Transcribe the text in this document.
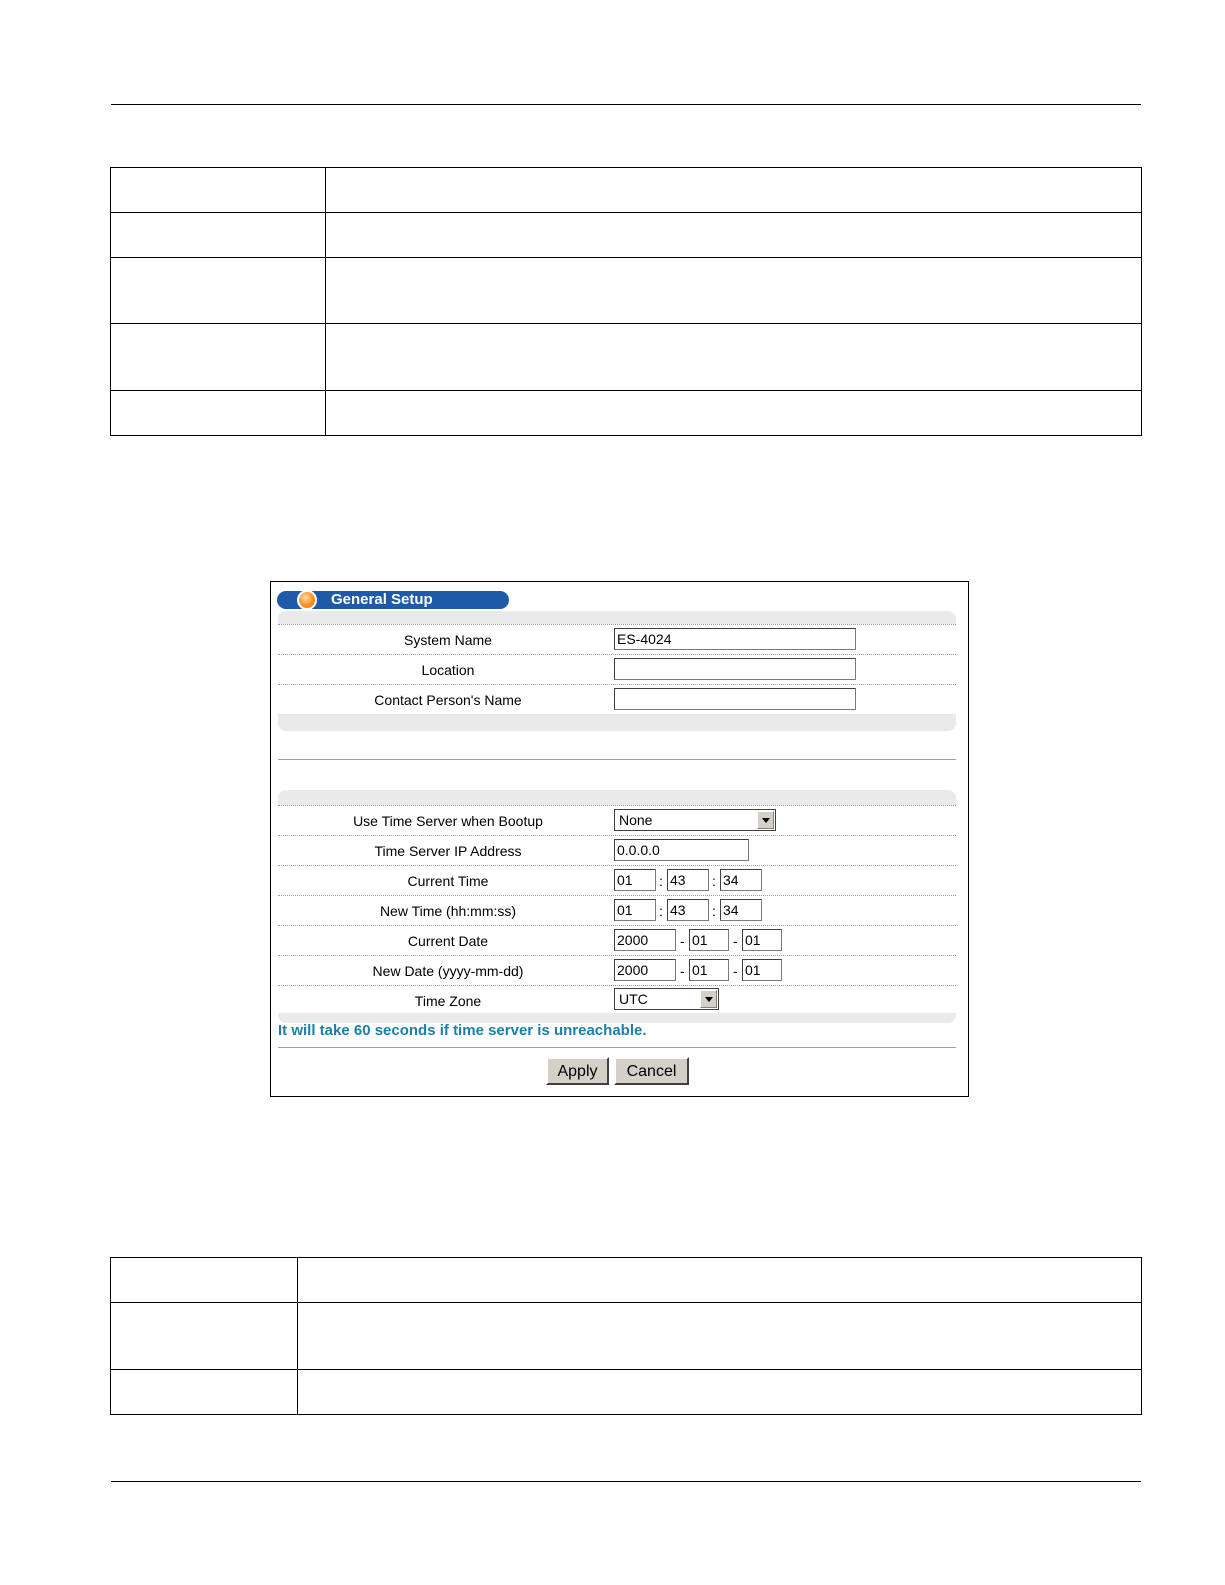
General Setup
System Name	ES-4024
Location
Contact Person's Name
Use Time Server when Bootup	None
Time Server IP Address	0.0.0.0
Current Time	01	: 43	: 34
New Time (hh:mm:ss)	01	: 43	: 34
Current Date	2000	- 01	- 01
New Date (yyyy-mm-dd)	2000	- 01	- 01
Time Zone	UTC
It will take 60 seconds if time server is unreachable.
Apply	Cancel
